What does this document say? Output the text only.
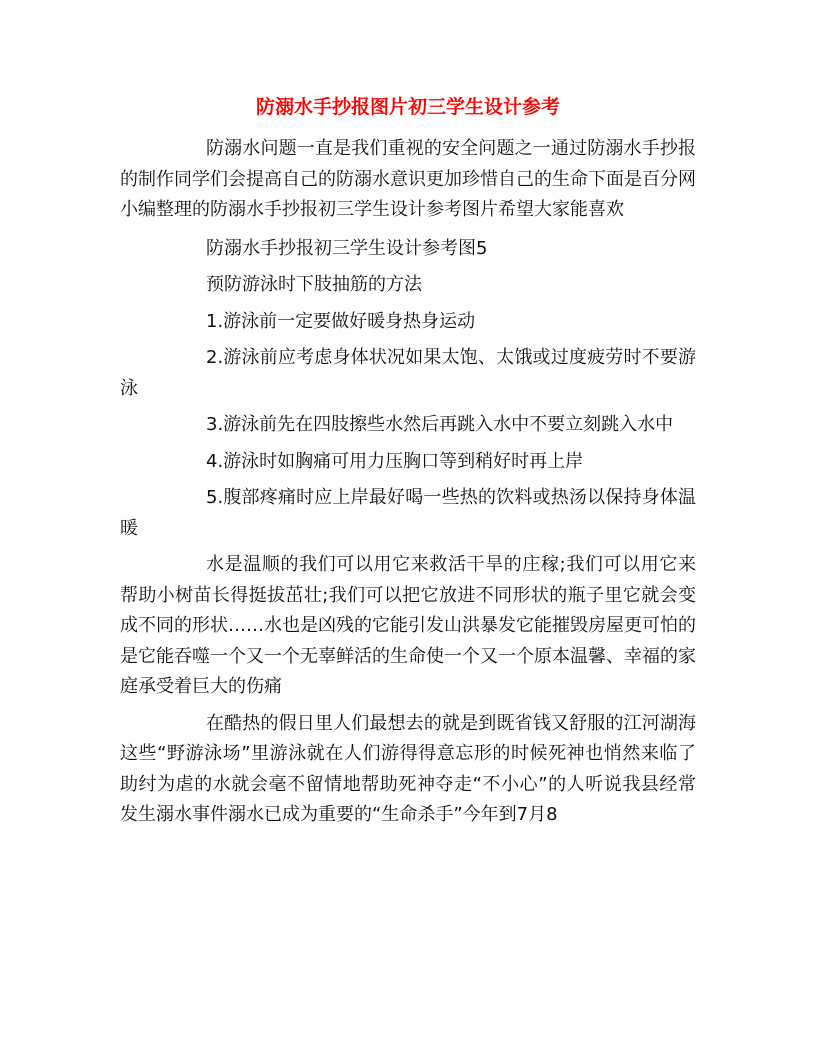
防溺水手抄报图片初三学生设计参考

防溺水问题一直是我们重视的安全问题之一通过防溺水手抄报的制作同学们会提高自己的防溺水意识更加珍惜自己的生命下面是百分网小编整理的防溺水手抄报初三学生设计参考图片希望大家能喜欢

防溺水手抄报初三学生设计参考图5

预防游泳时下肢抽筋的方法

1.游泳前一定要做好暖身热身运动

2.游泳前应考虑身体状况如果太饱、太饿或过度疲劳时不要游泳

3.游泳前先在四肢擦些水然后再跳入水中不要立刻跳入水中

4.游泳时如胸痛可用力压胸口等到稍好时再上岸

5.腹部疼痛时应上岸最好喝一些热的饮料或热汤以保持身体温暖

水是温顺的我们可以用它来救活干旱的庄稼;我们可以用它来帮助小树苗长得挺拔茁壮;我们可以把它放进不同形状的瓶子里它就会变成不同的形状……水也是凶残的它能引发山洪暴发它能摧毁房屋更可怕的是它能吞噬一个又一个无辜鲜活的生命使一个又一个原本温馨、幸福的家庭承受着巨大的伤痛

在酷热的假日里人们最想去的就是到既省钱又舒服的江河湖海这些“野游泳场”里游泳就在人们游得得意忘形的时候死神也悄然来临了助纣为虐的水就会毫不留情地帮助死神夺走“不小心”的人听说我县经常发生溺水事件溺水已成为重要的“生命杀手”今年到7月8
